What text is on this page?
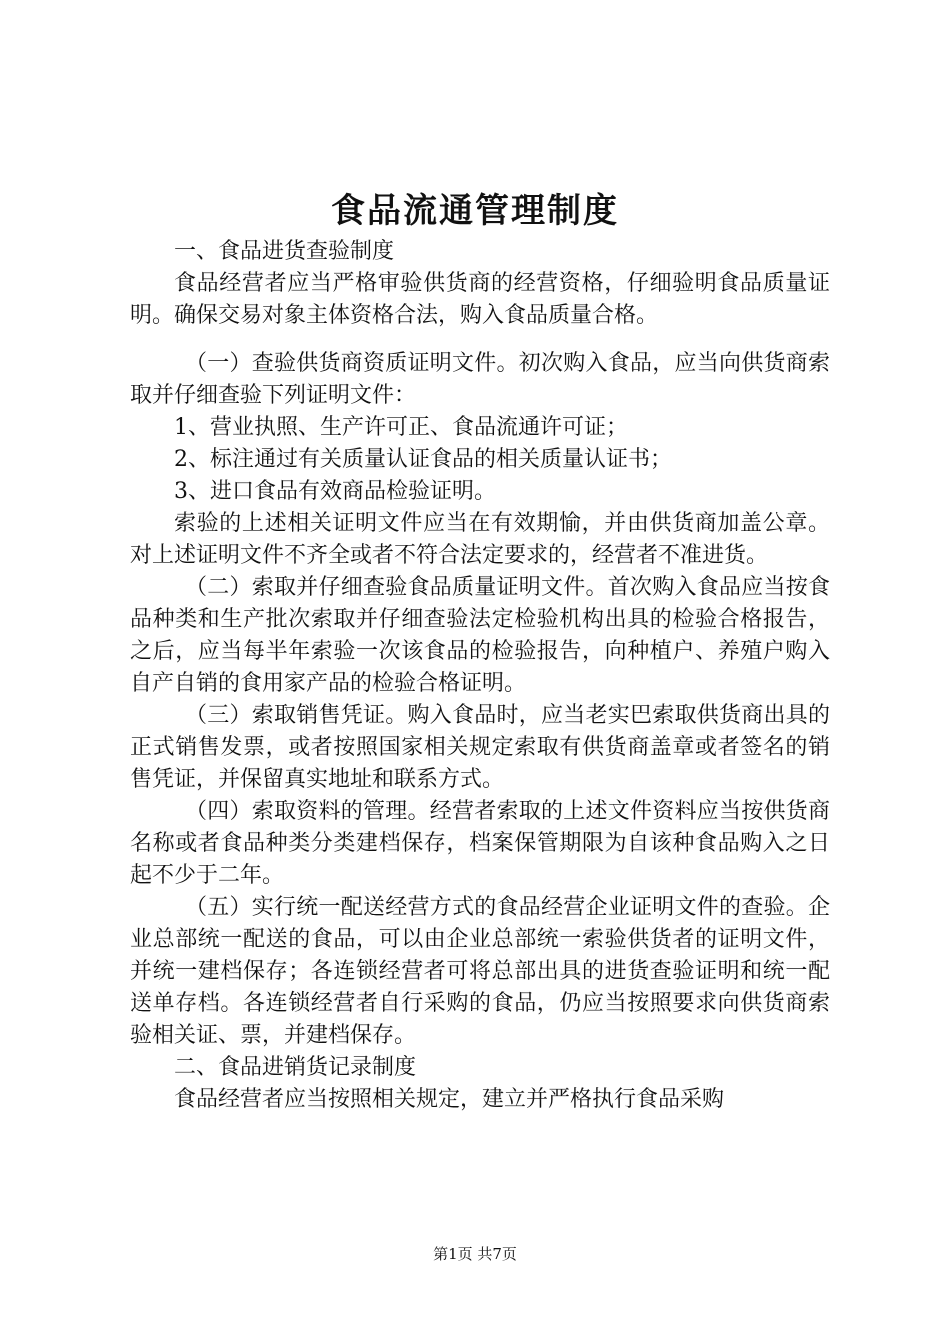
食品流通管理制度

一、食品进货查验制度

食品经营者应当严格审验供货商的经营资格，仔细验明食品质量证明。确保交易对象主体资格合法，购入食品质量合格。

（一）查验供货商资质证明文件。初次购入食品，应当向供货商索取并仔细查验下列证明文件：

1、营业执照、生产许可正、食品流通许可证；

2、标注通过有关质量认证食品的相关质量认证书；

3、进口食品有效商品检验证明。

索验的上述相关证明文件应当在有效期愉，并由供货商加盖公章。对上述证明文件不齐全或者不符合法定要求的，经营者不准进货。

（二）索取并仔细查验食品质量证明文件。首次购入食品应当按食品种类和生产批次索取并仔细查验法定检验机构出具的检验合格报告，之后，应当每半年索验一次该食品的检验报告，向种植户、养殖户购入自产自销的食用家产品的检验合格证明。

（三）索取销售凭证。购入食品时，应当老实巴索取供货商出具的正式销售发票，或者按照国家相关规定索取有供货商盖章或者签名的销售凭证，并保留真实地址和联系方式。

（四）索取资料的管理。经营者索取的上述文件资料应当按供货商名称或者食品种类分类建档保存，档案保管期限为自该种食品购入之日起不少于二年。

（五）实行统一配送经营方式的食品经营企业证明文件的查验。企业总部统一配送的食品，可以由企业总部统一索验供货者的证明文件，并统一建档保存；各连锁经营者可将总部出具的进货查验证明和统一配送单存档。各连锁经营者自行采购的食品，仍应当按照要求向供货商索验相关证、票，并建档保存。

二、食品进销货记录制度

食品经营者应当按照相关规定，建立并严格执行食品采购

第1页 共7页
